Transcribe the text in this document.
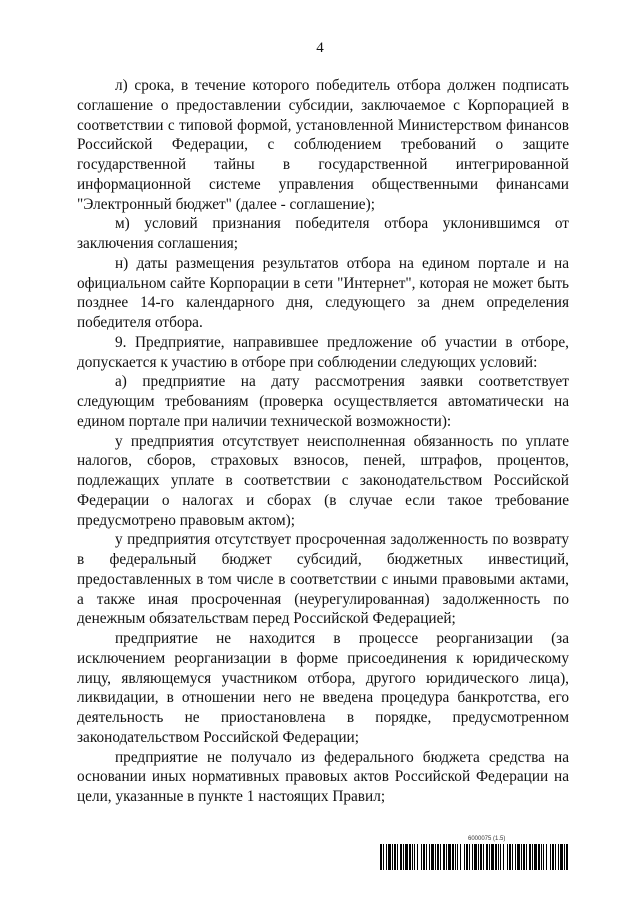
4

л) срока, в течение которого победитель отбора должен подписать соглашение о предоставлении субсидии, заключаемое с Корпорацией в соответствии с типовой формой, установленной Министерством финансов Российской Федерации, с соблюдением требований о защите государственной тайны в государственной интегрированной информационной системе управления общественными финансами "Электронный бюджет" (далее - соглашение);

м) условий признания победителя отбора уклонившимся от заключения соглашения;

н) даты размещения результатов отбора на едином портале и на официальном сайте Корпорации в сети "Интернет", которая не может быть позднее 14-го календарного дня, следующего за днем определения победителя отбора.

9. Предприятие, направившее предложение об участии в отборе, допускается к участию в отборе при соблюдении следующих условий:

а) предприятие на дату рассмотрения заявки соответствует следующим требованиям (проверка осуществляется автоматически на едином портале при наличии технической возможности):

у предприятия отсутствует неисполненная обязанность по уплате налогов, сборов, страховых взносов, пеней, штрафов, процентов, подлежащих уплате в соответствии с законодательством Российской Федерации о налогах и сборах (в случае если такое требование предусмотрено правовым актом);

у предприятия отсутствует просроченная задолженность по возврату в федеральный бюджет субсидий, бюджетных инвестиций, предоставленных в том числе в соответствии с иными правовыми актами, а также иная просроченная (неурегулированная) задолженность по денежным обязательствам перед Российской Федерацией;

предприятие не находится в процессе реорганизации (за исключением реорганизации в форме присоединения к юридическому лицу, являющемуся участником отбора, другого юридического лица), ликвидации, в отношении него не введена процедура банкротства, его деятельность не приостановлена в порядке, предусмотренном законодательством Российской Федерации;

предприятие не получало из федерального бюджета средства на основании иных нормативных правовых актов Российской Федерации на цели, указанные в пункте 1 настоящих Правил;

6000075 (1.5)
